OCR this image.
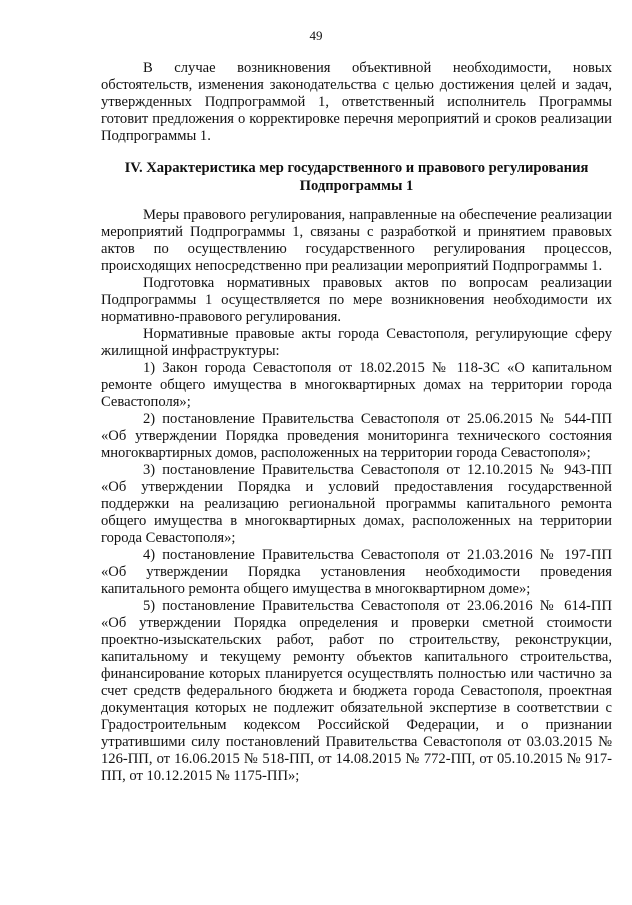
49

В случае возникновения объективной необходимости, новых обстоятельств, изменения законодательства с целью достижения целей и задач, утвержденных Подпрограммой 1, ответственный исполнитель Программы готовит предложения о корректировке перечня мероприятий и сроков реализации Подпрограммы 1.

IV. Характеристика мер государственного и правового регулирования Подпрограммы 1

Меры правового регулирования, направленные на обеспечение реализации мероприятий Подпрограммы 1, связаны с разработкой и принятием правовых актов по осуществлению государственного регулирования процессов, происходящих непосредственно при реализации мероприятий Подпрограммы 1.

Подготовка нормативных правовых актов по вопросам реализации Подпрограммы 1 осуществляется по мере возникновения необходимости их нормативно-правового регулирования.

Нормативные правовые акты города Севастополя, регулирующие сферу жилищной инфраструктуры:

1) Закон города Севастополя от 18.02.2015 № 118-ЗС «О капитальном ремонте общего имущества в многоквартирных домах на территории города Севастополя»;

2) постановление Правительства Севастополя от 25.06.2015 № 544-ПП «Об утверждении Порядка проведения мониторинга технического состояния многоквартирных домов, расположенных на территории города Севастополя»;

3) постановление Правительства Севастополя от 12.10.2015 № 943-ПП «Об утверждении Порядка и условий предоставления государственной поддержки на реализацию региональной программы капитального ремонта общего имущества в многоквартирных домах, расположенных на территории города Севастополя»;

4) постановление Правительства Севастополя от 21.03.2016 № 197-ПП «Об утверждении Порядка установления необходимости проведения капитального ремонта общего имущества в многоквартирном доме»;

5) постановление Правительства Севастополя от 23.06.2016 № 614-ПП «Об утверждении Порядка определения и проверки сметной стоимости проектно-изыскательских работ, работ по строительству, реконструкции, капитальному и текущему ремонту объектов капитального строительства, финансирование которых планируется осуществлять полностью или частично за счет средств федерального бюджета и бюджета города Севастополя, проектная документация которых не подлежит обязательной экспертизе в соответствии с Градостроительным кодексом Российской Федерации, и о признании утратившими силу постановлений Правительства Севастополя от 03.03.2015 № 126-ПП, от 16.06.2015 № 518-ПП, от 14.08.2015 № 772-ПП, от 05.10.2015 № 917-ПП, от 10.12.2015 № 1175-ПП»;
